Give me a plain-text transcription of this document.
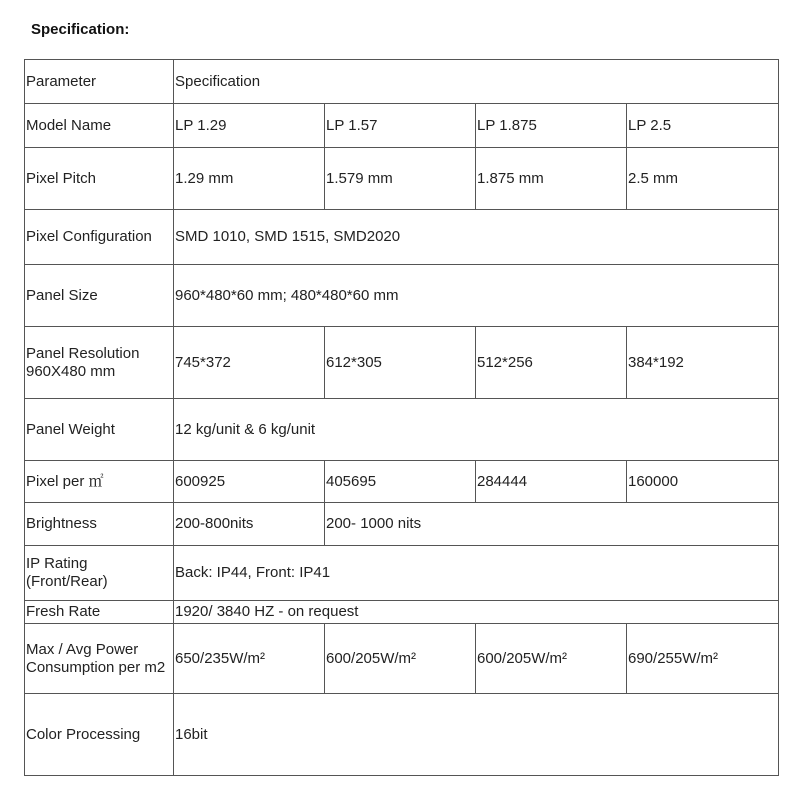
Specification:
Parameter	Specification			
Model Name	LP 1.29	LP 1.57	LP 1.875	LP 2.5
Pixel Pitch	1.29 mm	1.579 mm	1.875 mm	2.5 mm
Pixel Configuration	SMD 1010, SMD 1515, SMD2020			
Panel Size	960*480*60 mm; 480*480*60 mm			
Panel Resolution 960X480 mm	745*372	612*305	512*256	384*192
Panel Weight	12 kg/unit & 6 kg/unit			
Pixel per ㎡	600925	405695	284444	160000
Brightness	200-800nits	200- 1000 nits		
IP Rating (Front/Rear)	Back: IP44, Front: IP41			
Fresh Rate	1920/ 3840 HZ - on request			
Max / Avg Power Consumption per m2	650/235W/m²	600/205W/m²	600/205W/m²	690/255W/m²
Color Processing	16bit			
